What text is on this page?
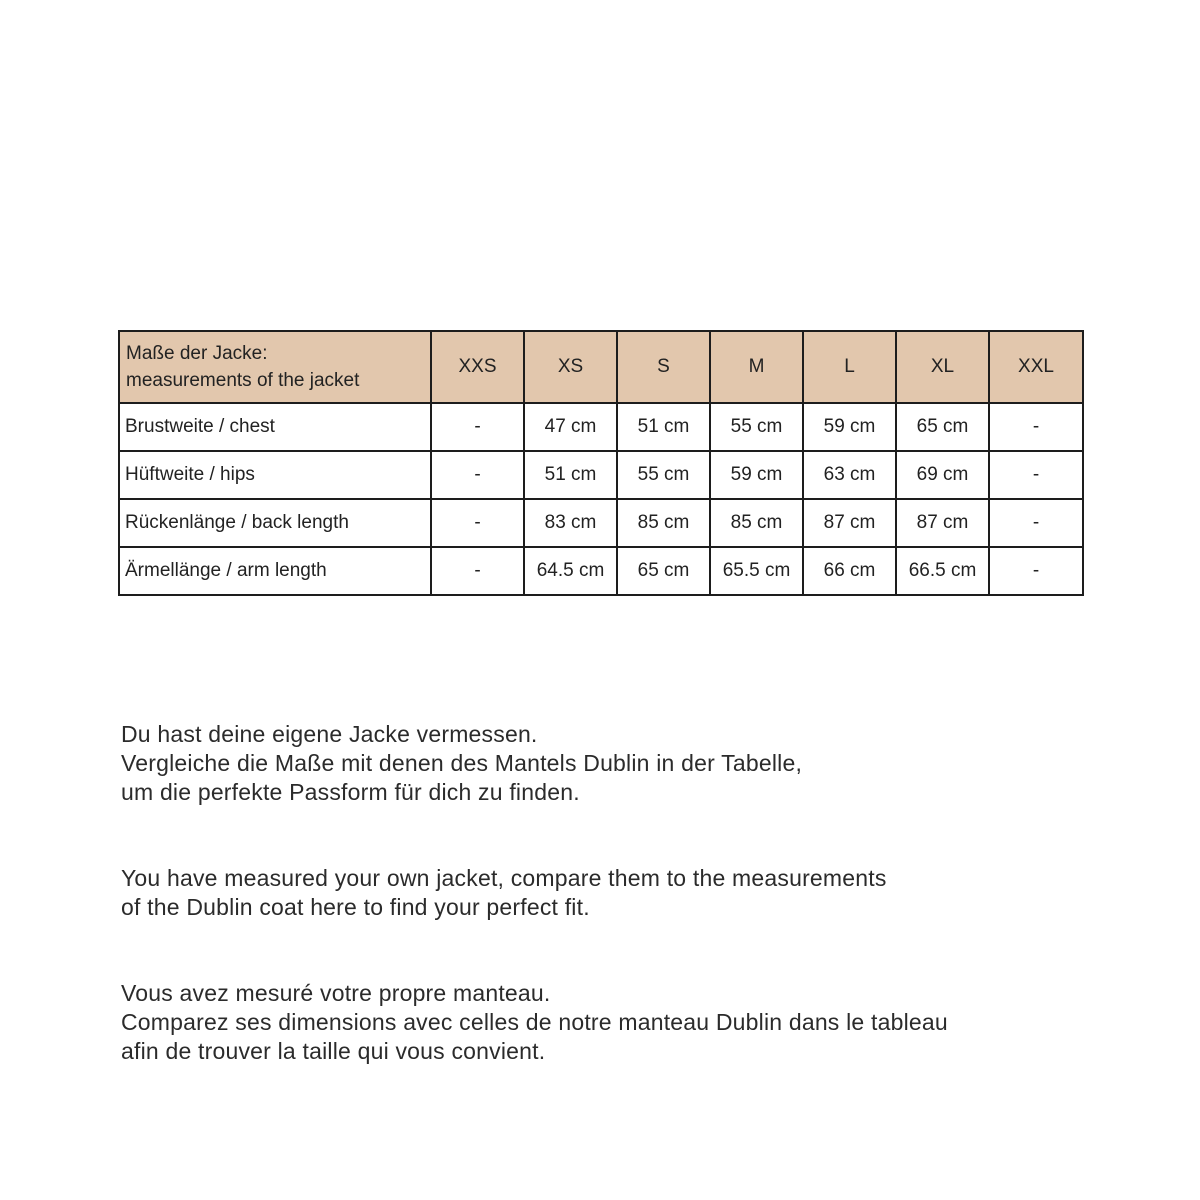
Maße der Jacke:
measurements of the jacket	XXS	XS	S	M	L	XL	XXL
Brustweite / chest	-	47 cm	51 cm	55 cm	59 cm	65 cm	-
Hüftweite / hips	-	51 cm	55 cm	59 cm	63 cm	69 cm	-
Rückenlänge / back length	-	83 cm	85 cm	85 cm	87 cm	87 cm	-
Ärmellänge / arm length	-	64.5 cm	65 cm	65.5 cm	66 cm	66.5 cm	-
Du hast deine eigene Jacke vermessen.
Vergleiche die Maße mit denen des Mantels Dublin in der Tabelle,
um die perfekte Passform für dich zu finden.
You have measured your own jacket, compare them to the measurements
of the Dublin coat here to find your perfect fit.
Vous avez mesuré votre propre manteau.
Comparez ses dimensions avec celles de notre manteau Dublin dans le tableau
afin de trouver la taille qui vous convient.
